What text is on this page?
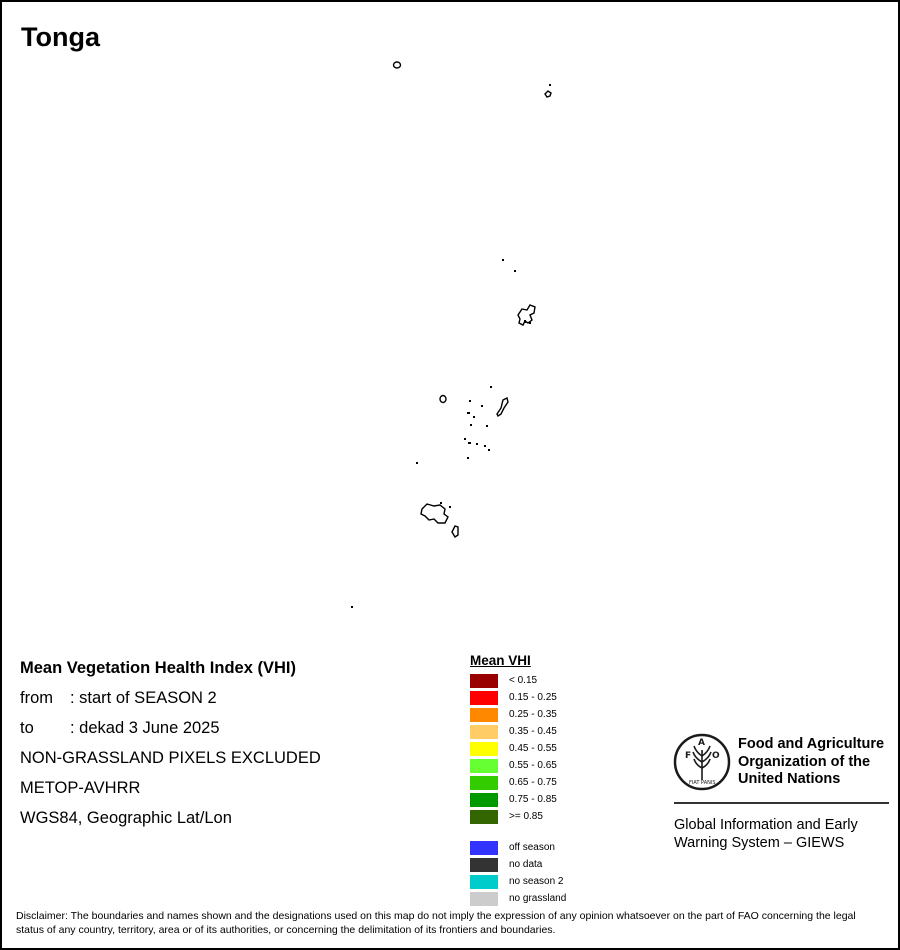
Tonga
Mean Vegetation Health Index (VHI)
from : start of SEASON 2
to : dekad 3 June 2025
NON-GRASSLAND PIXELS EXCLUDED
METOP-AVHRR
WGS84, Geographic Lat/Lon
Mean VHI
< 0.15
0.15 - 0.25
0.25 - 0.35
0.35 - 0.45
0.45 - 0.55
0.55 - 0.65
0.65 - 0.75
0.75 - 0.85
>= 0.85
off season
no data
no season 2
no grassland
F
A
O
FIAT PANIS
Food and Agriculture
Organization of the
United Nations
Global Information and Early
Warning System – GIEWS
Disclaimer: The boundaries and names shown and the designations used on this map do not imply the expression of any opinion whatsoever on the part of FAO concerning the legal status of any country, territory, area or of its authorities, or concerning the delimitation of its frontiers and boundaries.
